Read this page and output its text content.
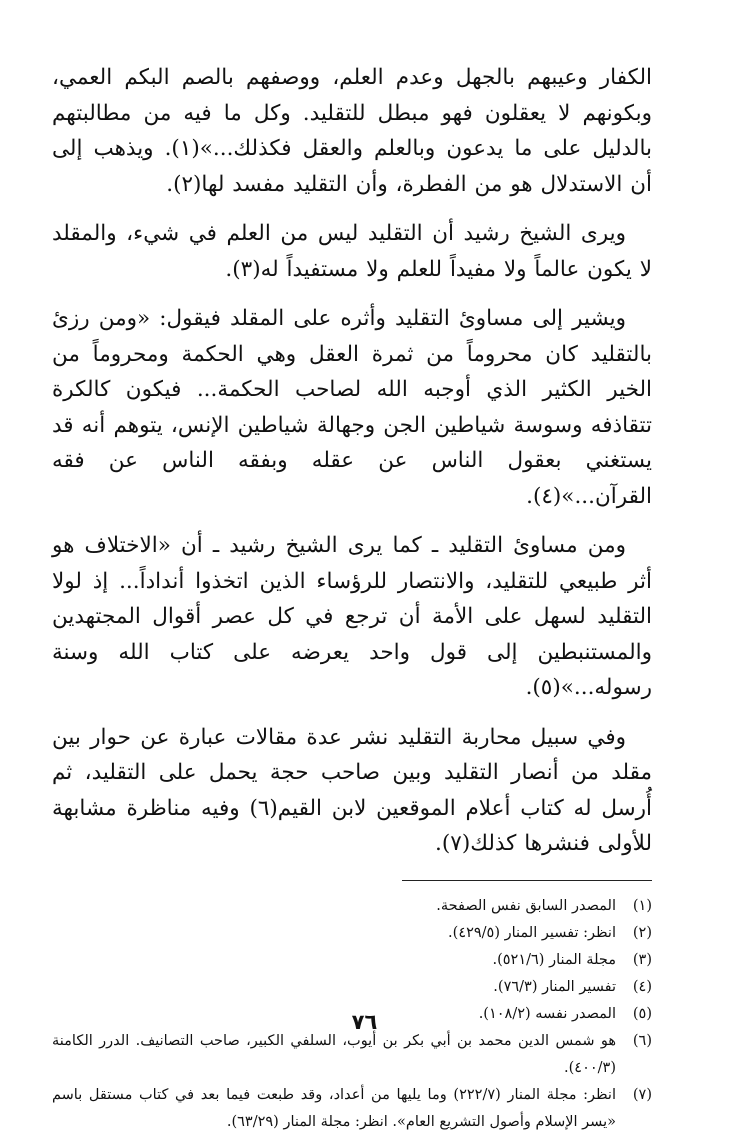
الكفار وعيبهم بالجهل وعدم العلم، ووصفهم بالصم البكم العمي، وبكونهم لا يعقلون فهو مبطل للتقليد. وكل ما فيه من مطالبتهم بالدليل على ما يدعون وبالعلم والعقل فكذلك...»(١). ويذهب إلى أن الاستدلال هو من الفطرة، وأن التقليد مفسد لها(٢).

ويرى الشيخ رشيد أن التقليد ليس من العلم في شيء، والمقلد لا يكون عالماً ولا مفيداً للعلم ولا مستفيداً له(٣).

ويشير إلى مساوئ التقليد وأثره على المقلد فيقول: «ومن رزئ بالتقليد كان محروماً من ثمرة العقل وهي الحكمة ومحروماً من الخير الكثير الذي أوجبه الله لصاحب الحكمة... فيكون كالكرة تتقاذفه وسوسة شياطين الجن وجهالة شياطين الإنس، يتوهم أنه قد يستغني بعقول الناس عن عقله وبفقه الناس عن فقه القرآن...»(٤).

ومن مساوئ التقليد ـ كما يرى الشيخ رشيد ـ أن «الاختلاف هو أثر طبيعي للتقليد، والانتصار للرؤساء الذين اتخذوا أنداداً... إذ لولا التقليد لسهل على الأمة أن ترجع في كل عصر أقوال المجتهدين والمستنبطين إلى قول واحد يعرضه على كتاب الله وسنة رسوله...»(٥).

وفي سبيل محاربة التقليد نشر عدة مقالات عبارة عن حوار بين مقلد من أنصار التقليد وبين صاحب حجة يحمل على التقليد، ثم أُرسل له كتاب أعلام الموقعين لابن القيم(٦) وفيه مناظرة مشابهة للأولى فنشرها كذلك(٧).

(١)
المصدر السابق نفس الصفحة.
(٢)
انظر: تفسير المنار (٤٢٩/٥).
(٣)
مجلة المنار (٥٢١/٦).
(٤)
تفسير المنار (٧٦/٣).
(٥)
المصدر نفسه (١٠٨/٢).
(٦)
هو شمس الدين محمد بن أبي بكر بن أيوب، السلفي الكبير، صاحب التصانيف. الدرر الكامنة (٤٠٠/٣).
(٧)
انظر: مجلة المنار (٢٢٢/٧) وما يليها من أعداد، وقد طبعت فيما بعد في كتاب مستقل باسم «يسر الإسلام وأصول التشريع العام». انظر: مجلة المنار (٦٣/٢٩).
٧٦
